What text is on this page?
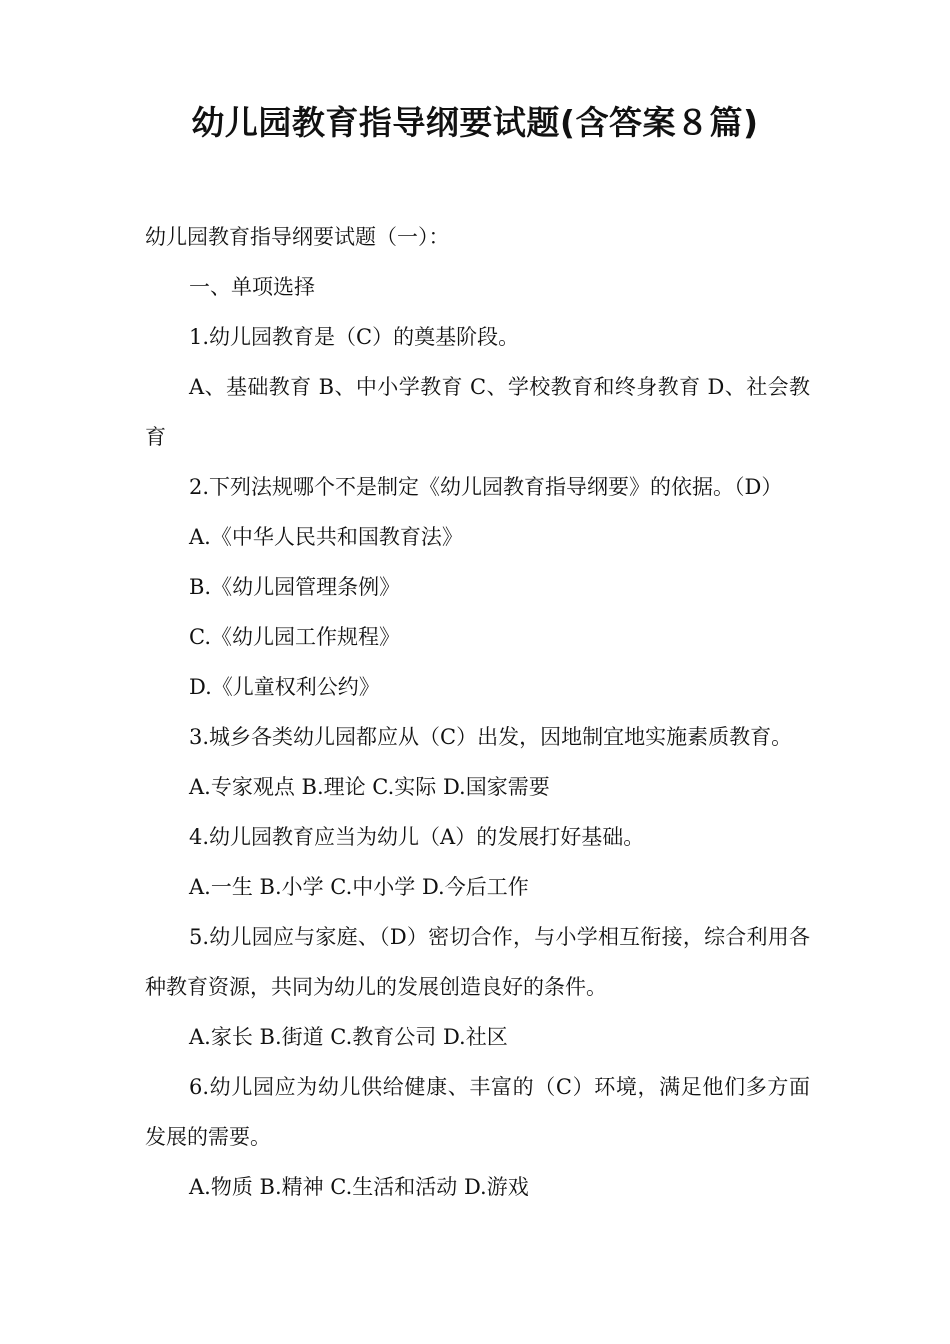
幼儿园教育指导纲要试题(含答案８篇)

幼儿园教育指导纲要试题（一）：

一、单项选择

1.幼儿园教育是（C）的奠基阶段。

A、基础教育 B、中小学教育 C、学校教育和终身教育 D、社会教育

2.下列法规哪个不是制定《幼儿园教育指导纲要》的依据。（D）

A.《中华人民共和国教育法》

B.《幼儿园管理条例》

C.《幼儿园工作规程》

D.《儿童权利公约》

3.城乡各类幼儿园都应从（C）出发，因地制宜地实施素质教育。

A.专家观点 B.理论 C.实际 D.国家需要

4.幼儿园教育应当为幼儿（A）的发展打好基础。

A.一生 B.小学 C.中小学 D.今后工作

5.幼儿园应与家庭、（D）密切合作，与小学相互衔接，综合利用各种教育资源，共同为幼儿的发展创造良好的条件。

A.家长 B.街道 C.教育公司 D.社区

6.幼儿园应为幼儿供给健康、丰富的（C）环境，满足他们多方面发展的需要。

A.物质 B.精神 C.生活和活动 D.游戏
